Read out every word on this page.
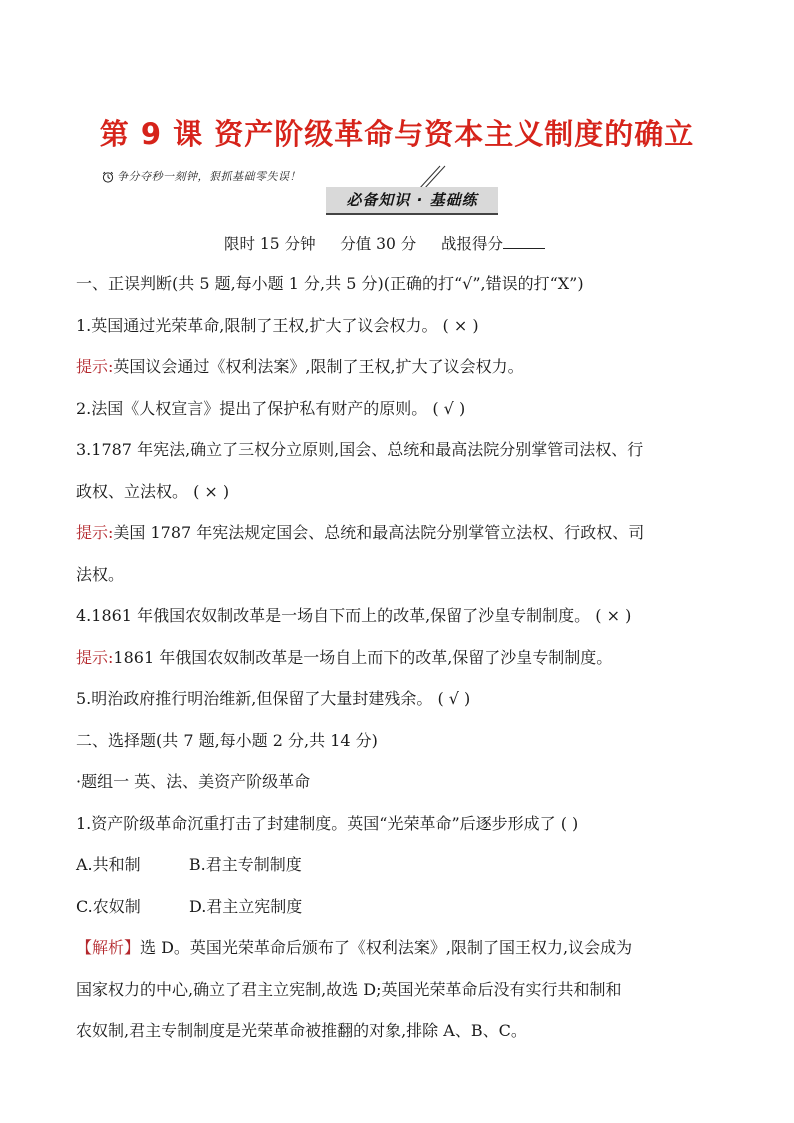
第 9 课 资产阶级革命与资本主义制度的确立
争分夺秒一刻钟，狠抓基础零失误！
必备知识 · 基础练
限时 15 分钟 分值 30 分 战报得分
一、正误判断(共 5 题,每小题 1 分,共 5 分)(正确的打“√”,错误的打“X”)
1.英国通过光荣革命,限制了王权,扩大了议会权力。 ( × )
提示:英国议会通过《权利法案》,限制了王权,扩大了议会权力。
2.法国《人权宣言》提出了保护私有财产的原则。 ( √ )
3.1787 年宪法,确立了三权分立原则,国会、总统和最高法院分别掌管司法权、行
政权、立法权。 ( × )
提示:美国 1787 年宪法规定国会、总统和最高法院分别掌管立法权、行政权、司
法权。
4.1861 年俄国农奴制改革是一场自下而上的改革,保留了沙皇专制制度。 ( × )
提示:1861 年俄国农奴制改革是一场自上而下的改革,保留了沙皇专制制度。
5.明治政府推行明治维新,但保留了大量封建残余。 ( √ )
二、选择题(共 7 题,每小题 2 分,共 14 分)
·题组一 英、法、美资产阶级革命
1.资产阶级革命沉重打击了封建制度。英国“光荣革命”后逐步形成了 ( )
A.共和制	B.君主专制制度
C.农奴制	D.君主立宪制度
【解析】选 D。英国光荣革命后颁布了《权利法案》,限制了国王权力,议会成为
国家权力的中心,确立了君主立宪制,故选 D;英国光荣革命后没有实行共和制和
农奴制,君主专制制度是光荣革命被推翻的对象,排除 A、B、C。
